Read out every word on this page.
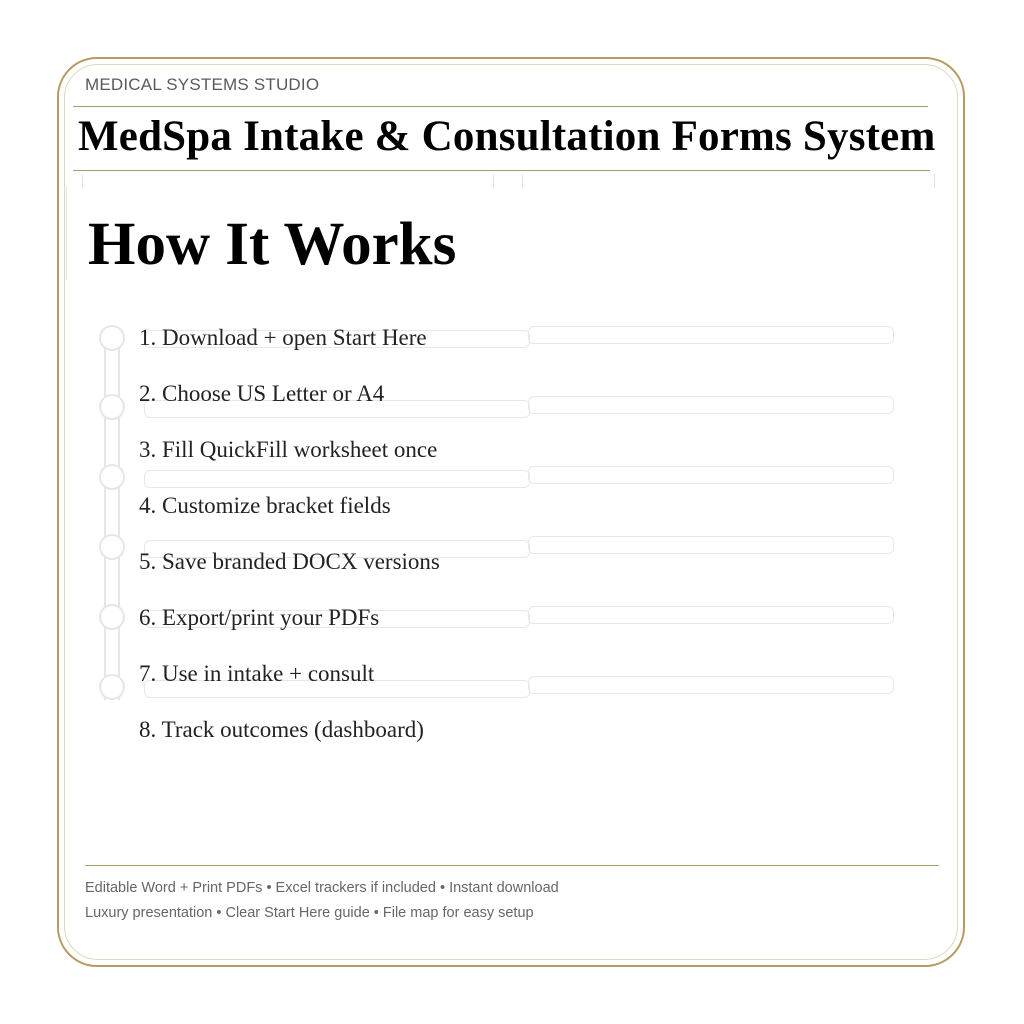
MEDICAL SYSTEMS STUDIO
MedSpa Intake & Consultation Forms System
How It Works
1. Download + open Start Here
2. Choose US Letter or A4
3. Fill QuickFill worksheet once
4. Customize bracket fields
5. Save branded DOCX versions
6. Export/print your PDFs
7. Use in intake + consult
8. Track outcomes (dashboard)
Editable Word + Print PDFs • Excel trackers if included • Instant download
Luxury presentation • Clear Start Here guide • File map for easy setup
